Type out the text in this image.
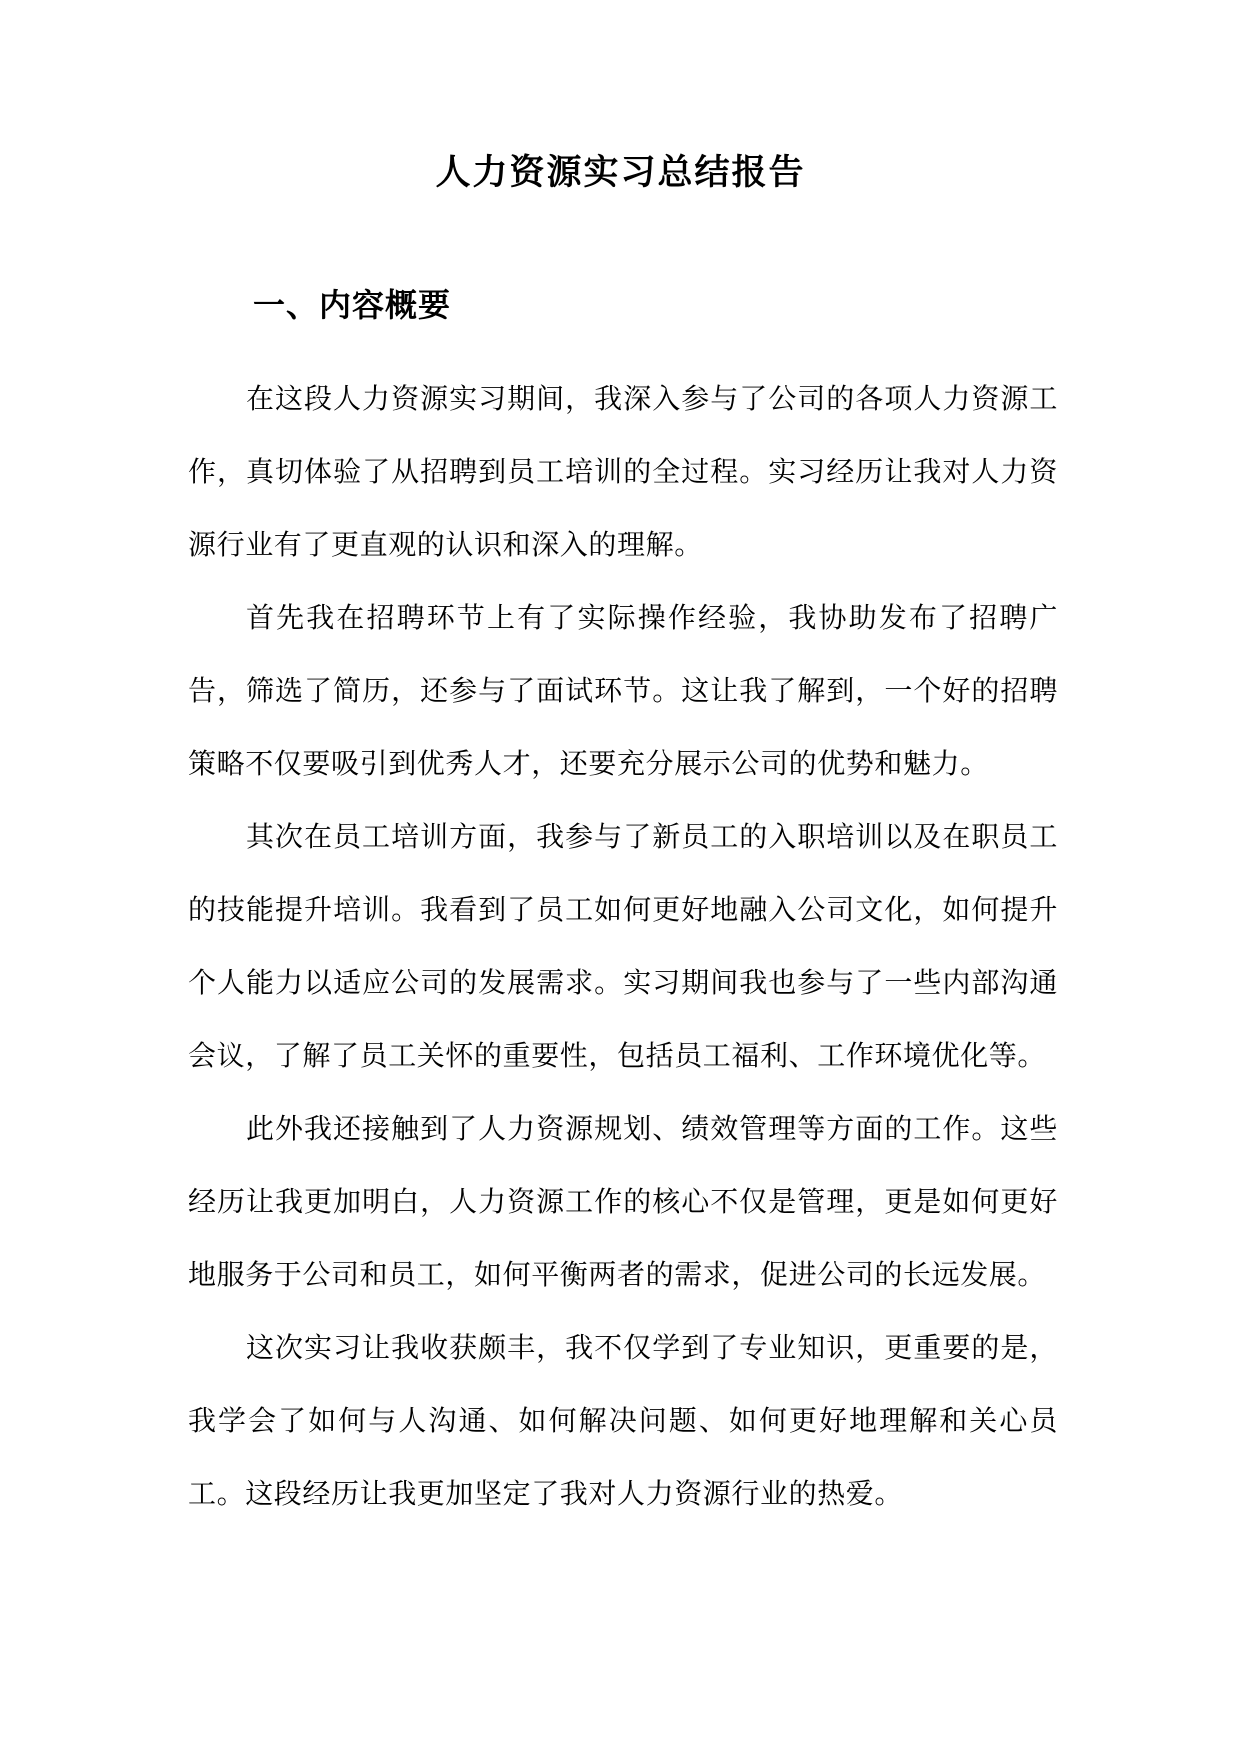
人力资源实习总结报告
一、内容概要

在这段人力资源实习期间，我深入参与了公司的各项人力资源工作，真切体验了从招聘到员工培训的全过程。实习经历让我对人力资源行业有了更直观的认识和深入的理解。

首先我在招聘环节上有了实际操作经验，我协助发布了招聘广告，筛选了简历，还参与了面试环节。这让我了解到，一个好的招聘策略不仅要吸引到优秀人才，还要充分展示公司的优势和魅力。

其次在员工培训方面，我参与了新员工的入职培训以及在职员工的技能提升培训。我看到了员工如何更好地融入公司文化，如何提升个人能力以适应公司的发展需求。实习期间我也参与了一些内部沟通会议，了解了员工关怀的重要性，包括员工福利、工作环境优化等。

此外我还接触到了人力资源规划、绩效管理等方面的工作。这些经历让我更加明白，人力资源工作的核心不仅是管理，更是如何更好地服务于公司和员工，如何平衡两者的需求，促进公司的长远发展。

这次实习让我收获颇丰，我不仅学到了专业知识，更重要的是，我学会了如何与人沟通、如何解决问题、如何更好地理解和关心员工。这段经历让我更加坚定了我对人力资源行业的热爱。
